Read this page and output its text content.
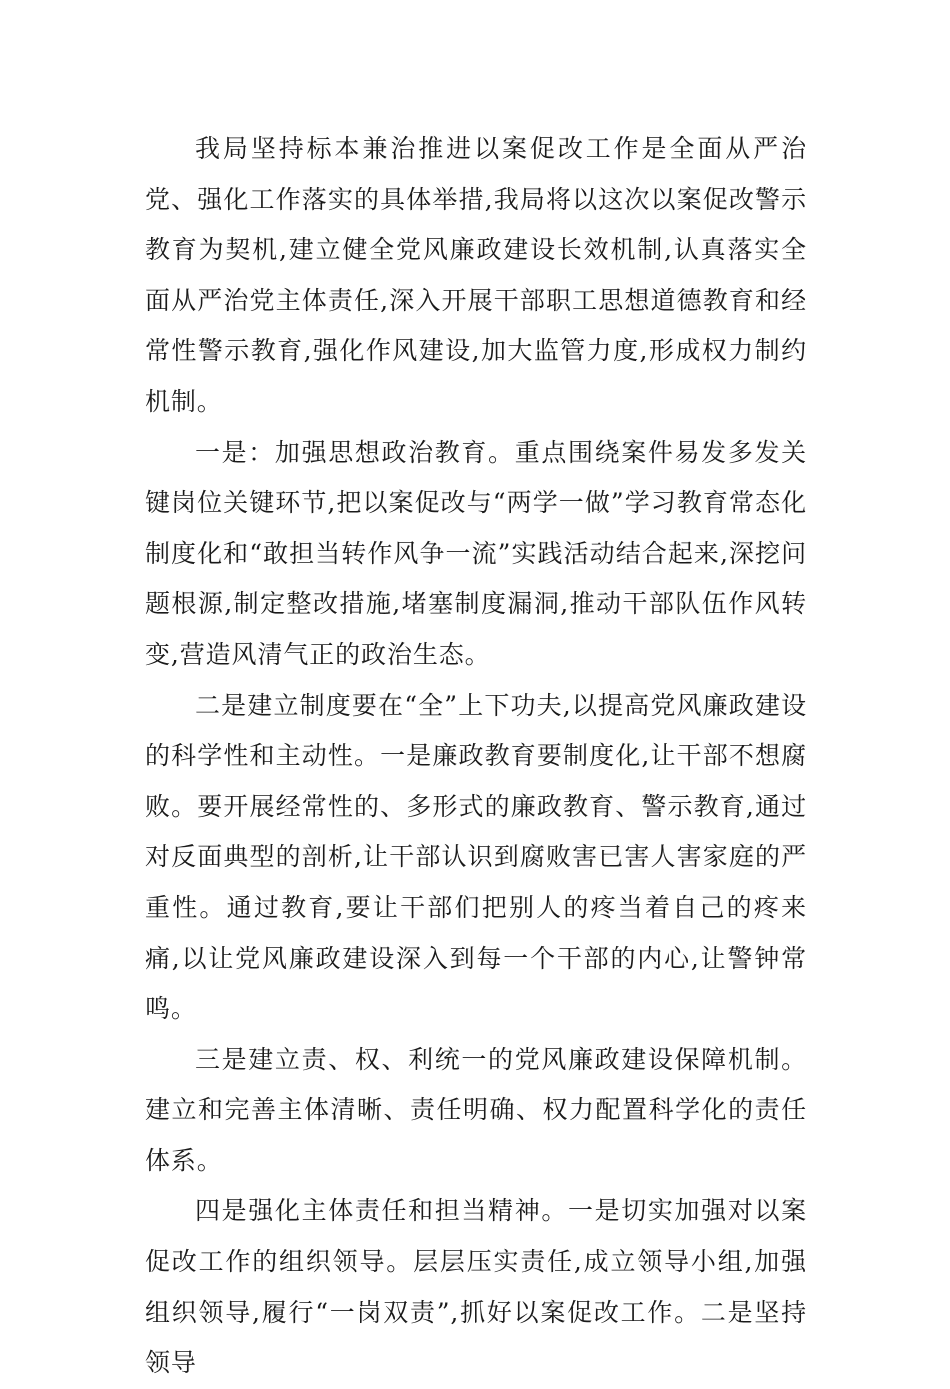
我局坚持标本兼治推进以案促改工作是全面从严治党、强化工作落实的具体举措,我局将以这次以案促改警示教育为契机,建立健全党风廉政建设长效机制,认真落实全面从严治党主体责任,深入开展干部职工思想道德教育和经常性警示教育,强化作风建设,加大监管力度,形成权力制约机制。

一是：加强思想政治教育。重点围绕案件易发多发关键岗位关键环节,把以案促改与“两学一做”学习教育常态化制度化和“敢担当转作风争一流”实践活动结合起来,深挖问题根源,制定整改措施,堵塞制度漏洞,推动干部队伍作风转变,营造风清气正的政治生态。

二是建立制度要在“全”上下功夫,以提高党风廉政建设的科学性和主动性。一是廉政教育要制度化,让干部不想腐败。要开展经常性的、多形式的廉政教育、警示教育,通过对反面典型的剖析,让干部认识到腐败害已害人害家庭的严重性。通过教育,要让干部们把别人的疼当着自己的疼来痛,以让党风廉政建设深入到每一个干部的内心,让警钟常鸣。

三是建立责、权、利统一的党风廉政建设保障机制。建立和完善主体清晰、责任明确、权力配置科学化的责任体系。

四是强化主体责任和担当精神。一是切实加强对以案促改工作的组织领导。层层压实责任,成立领导小组,加强组织领导,履行“一岗双责”,抓好以案促改工作。二是坚持领导
